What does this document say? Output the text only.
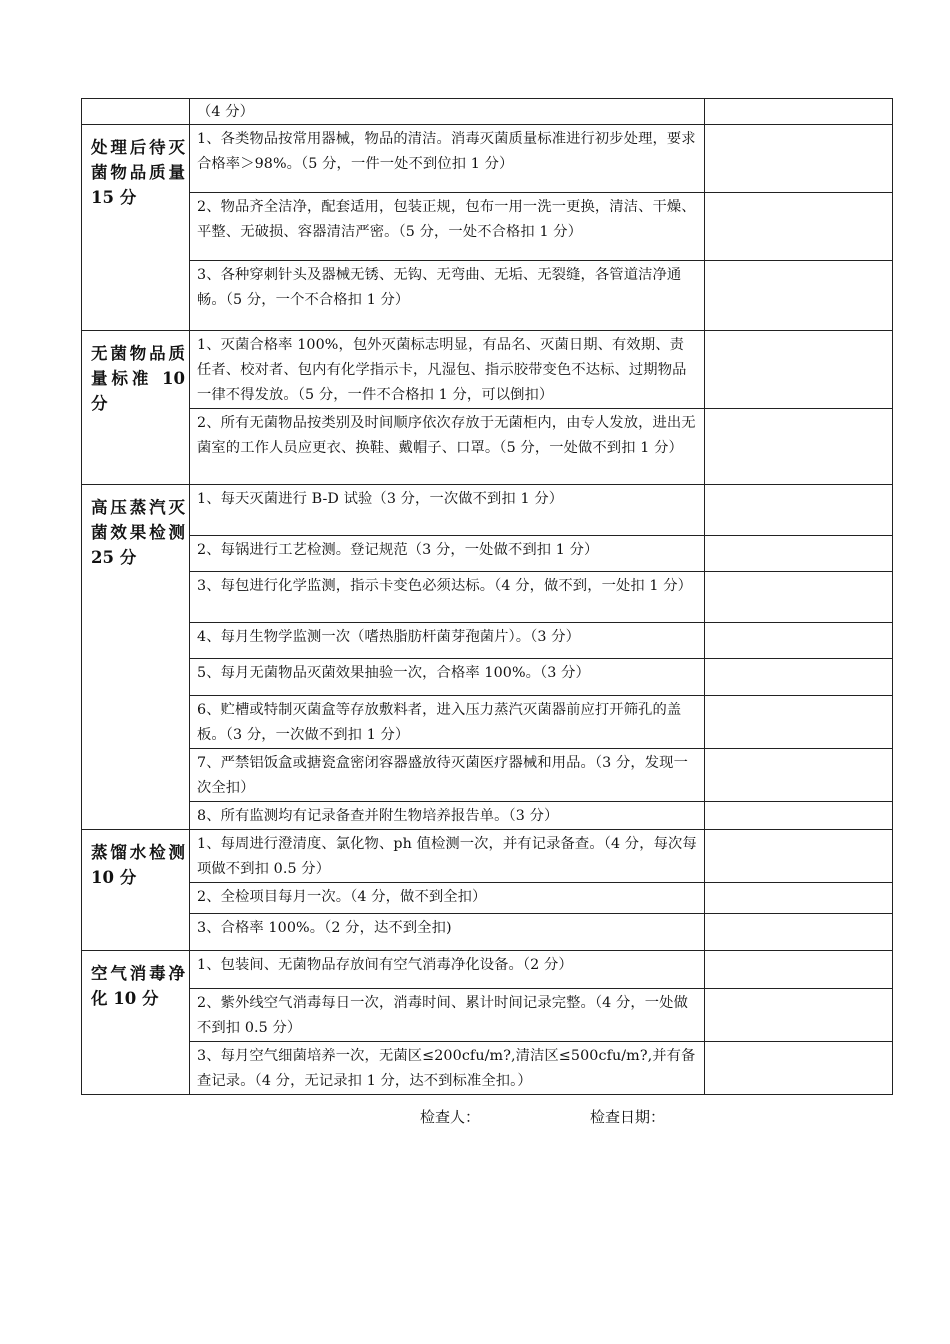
	（4 分）	
处理后待灭菌物品质量 15 分	1、各类物品按常用器械，物品的清洁。消毒灭菌质量标准进行初步处理，要求合格率＞98%。（5 分，一件一处不到位扣 1 分）	
	2、物品齐全洁净，配套适用，包装正规，包布一用一洗一更换，清洁、干燥、平整、无破损、容器清洁严密。（5 分，一处不合格扣 1 分）	
	3、各种穿刺针头及器械无锈、无钩、无弯曲、无垢、无裂缝，各管道洁净通畅。（5 分，一个不合格扣 1 分）	
无菌物品质量标准 10 分	1、灭菌合格率 100%，包外灭菌标志明显，有品名、灭菌日期、有效期、责任者、校对者、包内有化学指示卡，凡湿包、指示胶带变色不达标、过期物品一律不得发放。（5 分，一件不合格扣 1 分，可以倒扣）	
	2、所有无菌物品按类别及时间顺序依次存放于无菌柜内，由专人发放，进出无菌室的工作人员应更衣、换鞋、戴帽子、口罩。（5 分，一处做不到扣 1 分）	
高压蒸汽灭菌效果检测 25 分	1、每天灭菌进行 B-D 试验（3 分，一次做不到扣 1 分）	
	2、每锅进行工艺检测。登记规范（3 分，一处做不到扣 1 分）	
	3、每包进行化学监测，指示卡变色必须达标。（4 分，做不到，一处扣 1 分）	
	4、每月生物学监测一次（嗜热脂肪杆菌芽孢菌片）。（3 分）	
	5、每月无菌物品灭菌效果抽验一次，合格率 100%。（3 分）	
	6、贮槽或特制灭菌盒等存放敷料者，进入压力蒸汽灭菌器前应打开筛孔的盖板。（3 分，一次做不到扣 1 分）	
	7、严禁铝饭盒或搪瓷盒密闭容器盛放待灭菌医疗器械和用品。（3 分，发现一次全扣）	
	8、所有监测均有记录备查并附生物培养报告单。（3 分）	
蒸馏水检测 10 分	1、每周进行澄清度、氯化物、ph 值检测一次，并有记录备查。（4 分，每次每项做不到扣 0.5 分）	
	2、全检项目每月一次。（4 分，做不到全扣）	
	3、合格率 100%。（2 分，达不到全扣)	
空气消毒净化 10 分	1、包装间、无菌物品存放间有空气消毒净化设备。（2 分）	
	2、紫外线空气消毒每日一次，消毒时间、累计时间记录完整。（4 分，一处做不到扣 0.5 分）	
	3、每月空气细菌培养一次，无菌区≤200cfu/m?,清洁区≤500cfu/m?,并有备查记录。（4 分，无记录扣 1 分，达不到标准全扣。）	
检查人：	检查日期：
